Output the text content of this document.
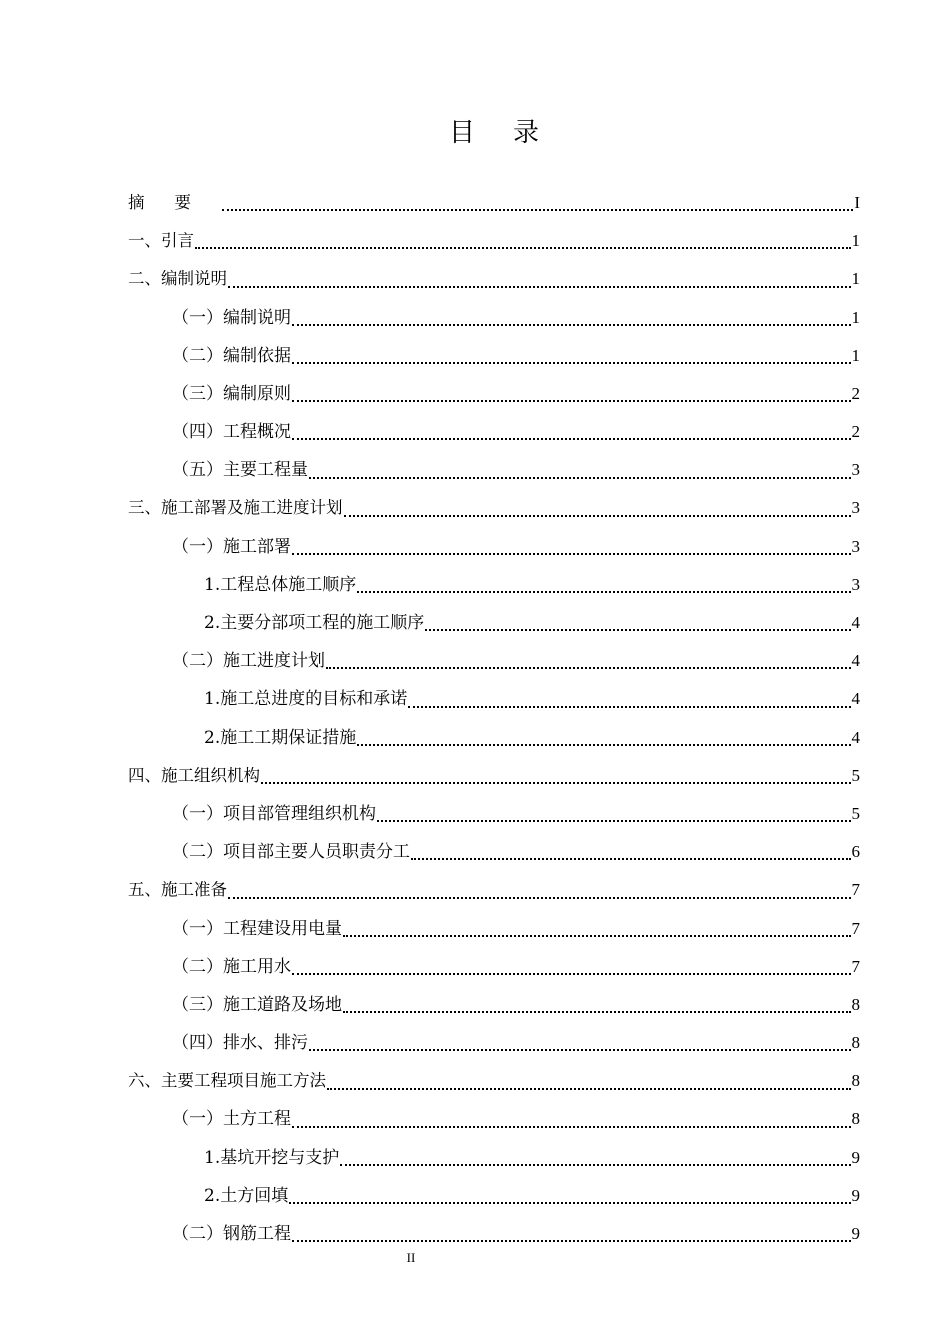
目录
摘要	I
一、引言	1
二、编制说明	1
（一）编制说明	1
（二）编制依据	1
（三）编制原则	2
（四）工程概况	2
（五）主要工程量	3
三、施工部署及施工进度计划	3
（一）施工部署	3
1.工程总体施工顺序	3
2.主要分部项工程的施工顺序	4
（二）施工进度计划	4
1.施工总进度的目标和承诺	4
2.施工工期保证措施	4
四、施工组织机构	5
（一）项目部管理组织机构	5
（二）项目部主要人员职责分工	6
五、施工准备	7
（一）工程建设用电量	7
（二）施工用水	7
（三）施工道路及场地	8
（四）排水、排污	8
六、主要工程项目施工方法	8
（一）土方工程	8
1.基坑开挖与支护	9
2.土方回填	9
（二）钢筋工程	9
II
